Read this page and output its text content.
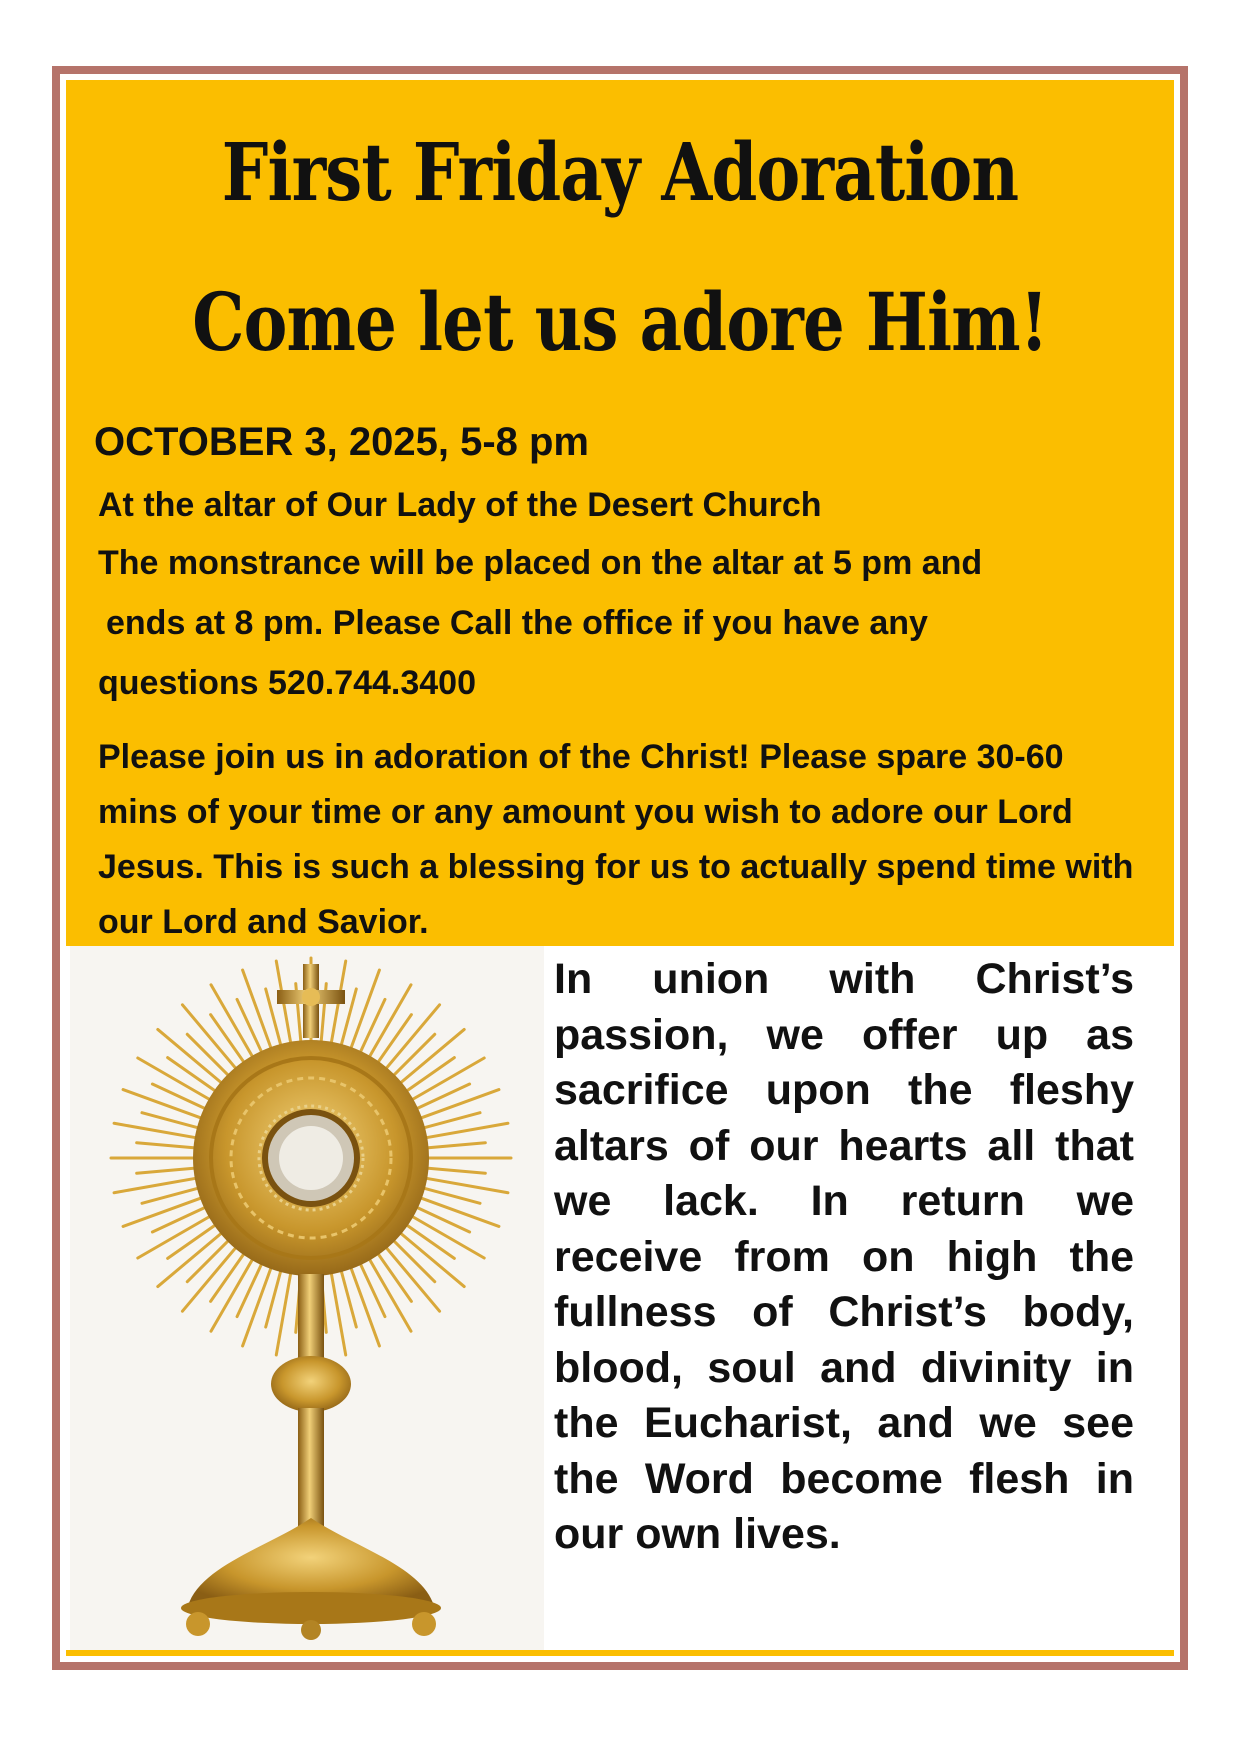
First Friday Adoration
Come let us adore Him!
OCTOBER 3, 2025, 5-8 pm
At the altar of Our Lady of the Desert Church
The monstrance will be placed on the altar at 5 pm and
ends at 8 pm. Please Call the office if you have any
questions 520.744.3400
Please join us in adoration of the Christ! Please spare 30-60 mins of your time or any amount you wish to adore our Lord Jesus. This is such a blessing for us to actually spend time with our Lord and Savior.
In union with Christ’s passion, we offer up as sacrifice upon the fleshy altars of our hearts all that we lack. In return we receive from on high the fullness of Christ’s body, blood, soul and divinity in the Eucharist, and we see the Word become flesh in our own lives.
